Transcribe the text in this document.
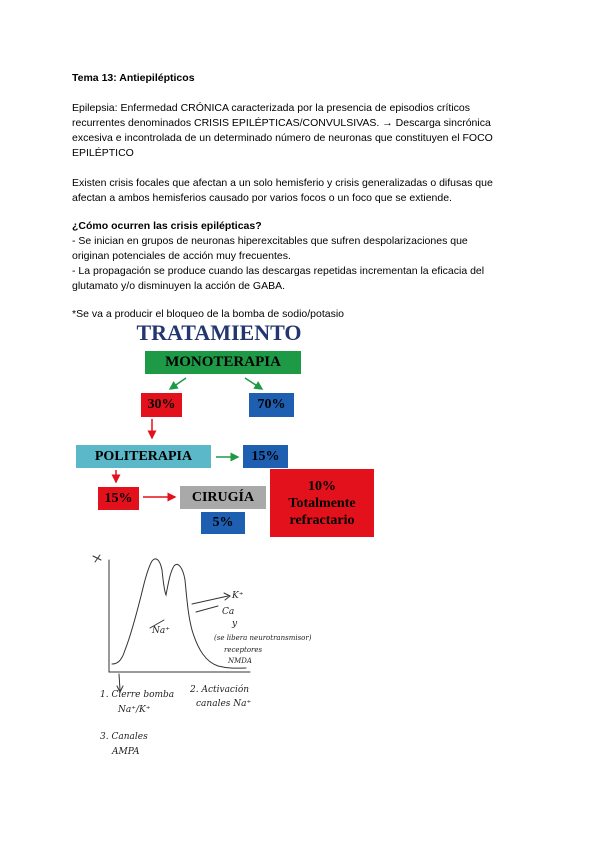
Tema 13: Antiepilépticos
Epilepsia: Enfermedad CRÓNICA caracterizada por la presencia de episodios críticos
recurrentes denominados CRISIS EPILÉPTICAS/CONVULSIVAS. → Descarga sincrónica
excesiva e incontrolada de un determinado número de neuronas que constituyen el FOCO
EPILÉPTICO
Existen crisis focales que afectan a un solo hemisferio y crisis generalizadas o difusas que
afectan a ambos hemisferios causado por varios focos o un foco que se extiende.
¿Cómo ocurren las crisis epilépticas?
- Se inician en grupos de neuronas hiperexcitables que sufren despolarizaciones que
originan potenciales de acción muy frecuentes.
- La propagación se produce cuando las descargas repetidas incrementan la eficacia del
glutamato y/o disminuyen la acción de GABA.
*Se va a producir el bloqueo de la bomba de sodio/potasio
TRATAMIENTO
MONOTERAPIA
30%	70%
POLITERAPIA	15%
15%	CIRUGÍA
5%
10%
Totalmente
refractario
Na⁺
K⁺
Ca
y
(se libera neurotransmisor)
receptores
NMDA
1. Cierre bomba
Na⁺/K⁺
2. Activación
canales Na⁺
3. Canales
AMPA
